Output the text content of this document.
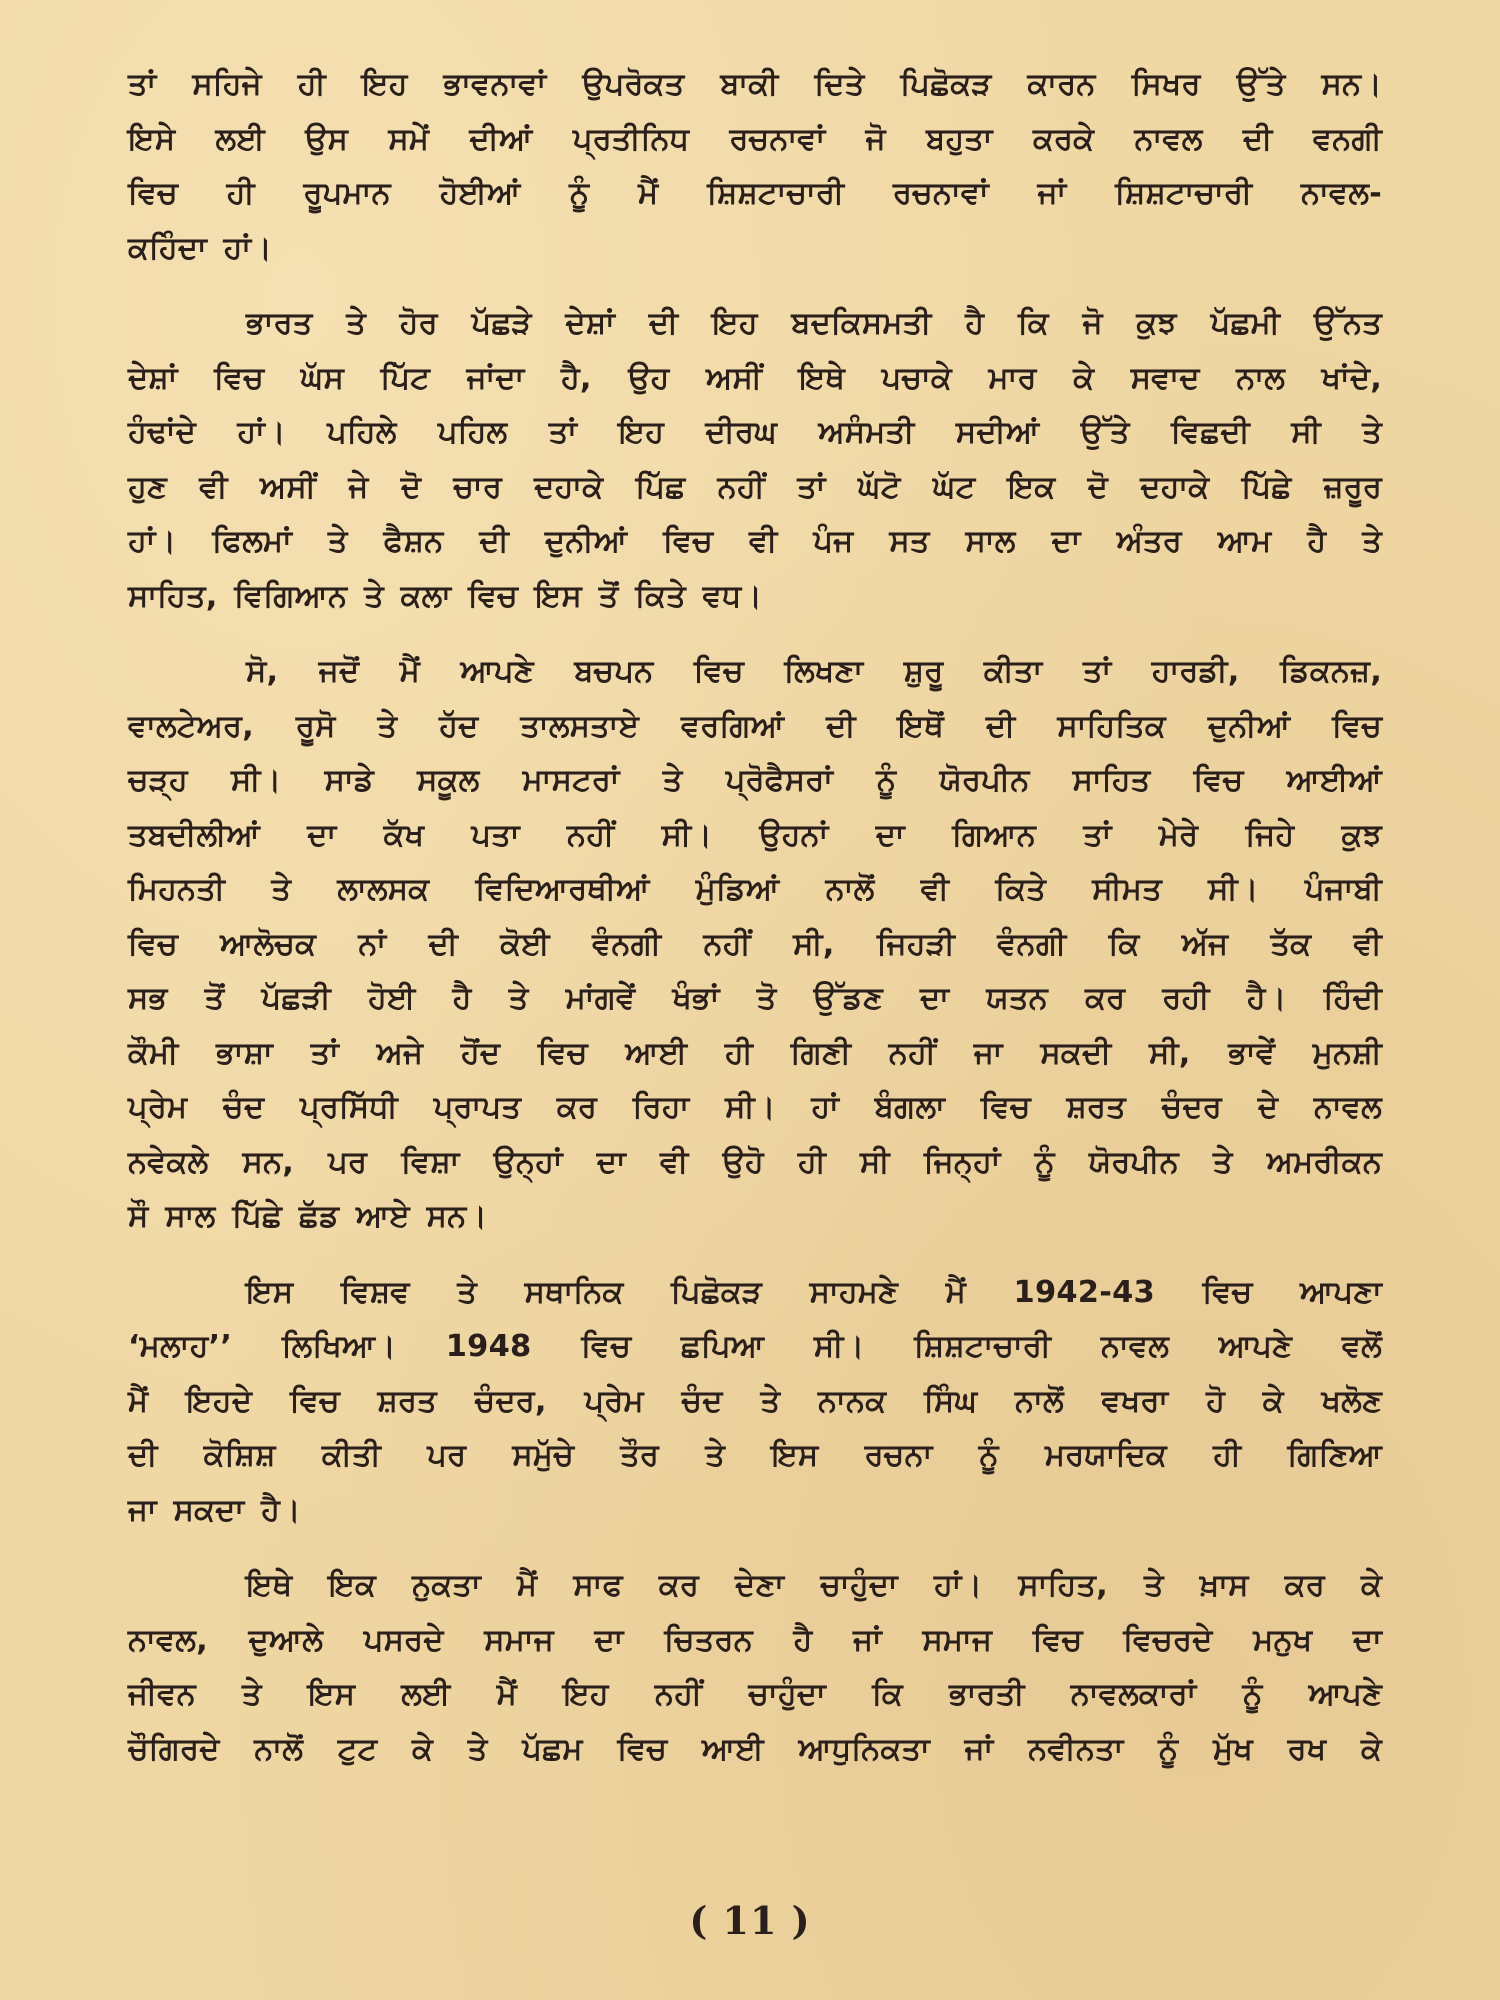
ਤਾਂ ਸਹਿਜੇ ਹੀ ਇਹ ਭਾਵਨਾਵਾਂ ਉਪਰੋਕਤ ਬਾਕੀ ਦਿਤੇ ਪਿਛੋਕੜ ਕਾਰਨ ਸਿਖਰ ਉੱਤੇ ਸਨ।
ਇਸੇ ਲਈ ਉਸ ਸਮੇਂ ਦੀਆਂ ਪ੍ਰਤੀਨਿਧ ਰਚਨਾਵਾਂ ਜੋ ਬਹੁਤਾ ਕਰਕੇ ਨਾਵਲ ਦੀ ਵਨਗੀ
ਵਿਚ ਹੀ ਰੂਪਮਾਨ ਹੋਈਆਂ ਨੂੰ ਮੈਂ ਸ਼ਿਸ਼ਟਾਚਾਰੀ ਰਚਨਾਵਾਂ ਜਾਂ ਸ਼ਿਸ਼ਟਾਚਾਰੀ ਨਾਵਲ-
ਕਹਿੰਦਾ ਹਾਂ।

ਭਾਰਤ ਤੇ ਹੋਰ ਪੱਛੜੇ ਦੇਸ਼ਾਂ ਦੀ ਇਹ ਬਦਕਿਸਮਤੀ ਹੈ ਕਿ ਜੋ ਕੁਝ ਪੱਛਮੀ ਉੱਨਤ
ਦੇਸ਼ਾਂ ਵਿਚ ਘੱਸ ਪਿੱਟ ਜਾਂਦਾ ਹੈ, ਉਹ ਅਸੀਂ ਇਥੇ ਪਚਾਕੇ ਮਾਰ ਕੇ ਸਵਾਦ ਨਾਲ ਖਾਂਦੇ,
ਹੰਢਾਂਦੇ ਹਾਂ। ਪਹਿਲੇ ਪਹਿਲ ਤਾਂ ਇਹ ਦੀਰਘ ਅਸੰਮਤੀ ਸਦੀਆਂ ਉੱਤੇ ਵਿਛਦੀ ਸੀ ਤੇ
ਹੁਣ ਵੀ ਅਸੀਂ ਜੇ ਦੋ ਚਾਰ ਦਹਾਕੇ ਪਿੱਛ ਨਹੀਂ ਤਾਂ ਘੱਟੋ ਘੱਟ ਇਕ ਦੋ ਦਹਾਕੇ ਪਿੱਛੇ ਜ਼ਰੂਰ
ਹਾਂ। ਫਿਲਮਾਂ ਤੇ ਫੈਸ਼ਨ ਦੀ ਦੁਨੀਆਂ ਵਿਚ ਵੀ ਪੰਜ ਸਤ ਸਾਲ ਦਾ ਅੰਤਰ ਆਮ ਹੈ ਤੇ
ਸਾਹਿਤ, ਵਿਗਿਆਨ ਤੇ ਕਲਾ ਵਿਚ ਇਸ ਤੋਂ ਕਿਤੇ ਵਧ।

ਸੋ, ਜਦੋਂ ਮੈਂ ਆਪਣੇ ਬਚਪਨ ਵਿਚ ਲਿਖਣਾ ਸ਼ੁਰੂ ਕੀਤਾ ਤਾਂ ਹਾਰਡੀ, ਡਿਕਨਜ਼,
ਵਾਲਟੇਅਰ, ਰੂਸੋ ਤੇ ਹੱਦ ਤਾਲਸਤਾਏ ਵਰਗਿਆਂ ਦੀ ਇਥੋਂ ਦੀ ਸਾਹਿਤਿਕ ਦੁਨੀਆਂ ਵਿਚ
ਚੜ੍ਹ ਸੀ। ਸਾਡੇ ਸਕੂਲ ਮਾਸਟਰਾਂ ਤੇ ਪ੍ਰੋਫੈਸਰਾਂ ਨੂੰ ਯੋਰਪੀਨ ਸਾਹਿਤ ਵਿਚ ਆਈਆਂ
ਤਬਦੀਲੀਆਂ ਦਾ ਕੱਖ ਪਤਾ ਨਹੀਂ ਸੀ। ਉਹਨਾਂ ਦਾ ਗਿਆਨ ਤਾਂ ਮੇਰੇ ਜਿਹੇ ਕੁਝ
ਮਿਹਨਤੀ ਤੇ ਲਾਲਸਕ ਵਿਦਿਆਰਥੀਆਂ ਮੁੰਡਿਆਂ ਨਾਲੋਂ ਵੀ ਕਿਤੇ ਸੀਮਤ ਸੀ। ਪੰਜਾਬੀ
ਵਿਚ ਆਲੋਚਕ ਨਾਂ ਦੀ ਕੋਈ ਵੰਨਗੀ ਨਹੀਂ ਸੀ, ਜਿਹੜੀ ਵੰਨਗੀ ਕਿ ਅੱਜ ਤੱਕ ਵੀ
ਸਭ ਤੋਂ ਪੱਛੜੀ ਹੋਈ ਹੈ ਤੇ ਮਾਂਗਵੇਂ ਖੰਭਾਂ ਤੋ ਉੱਡਣ ਦਾ ਯਤਨ ਕਰ ਰਹੀ ਹੈ। ਹਿੰਦੀ
ਕੌਮੀ ਭਾਸ਼ਾ ਤਾਂ ਅਜੇ ਹੋਂਦ ਵਿਚ ਆਈ ਹੀ ਗਿਣੀ ਨਹੀਂ ਜਾ ਸਕਦੀ ਸੀ, ਭਾਵੇਂ ਮੁਨਸ਼ੀ
ਪ੍ਰੇਮ ਚੰਦ ਪ੍ਰਸਿੱਧੀ ਪ੍ਰਾਪਤ ਕਰ ਰਿਹਾ ਸੀ। ਹਾਂ ਬੰਗਲਾ ਵਿਚ ਸ਼ਰਤ ਚੰਦਰ ਦੇ ਨਾਵਲ
ਨਵੇਕਲੇ ਸਨ, ਪਰ ਵਿਸ਼ਾ ਉਨ੍ਹਾਂ ਦਾ ਵੀ ਉਹੋ ਹੀ ਸੀ ਜਿਨ੍ਹਾਂ ਨੂੰ ਯੋਰਪੀਨ ਤੇ ਅਮਰੀਕਨ
ਸੌ ਸਾਲ ਪਿੱਛੇ ਛੱਡ ਆਏ ਸਨ।

ਇਸ ਵਿਸ਼ਵ ਤੇ ਸਥਾਨਿਕ ਪਿਛੋਕੜ ਸਾਹਮਣੇ ਮੈਂ 1942-43 ਵਿਚ ਆਪਣਾ
‘ਮਲਾਹ’’ ਲਿਖਿਆ। 1948 ਵਿਚ ਛਪਿਆ ਸੀ। ਸ਼ਿਸ਼ਟਾਚਾਰੀ ਨਾਵਲ ਆਪਣੇ ਵਲੋਂ
ਮੈਂ ਇਹਦੇ ਵਿਚ ਸ਼ਰਤ ਚੰਦਰ, ਪ੍ਰੇਮ ਚੰਦ ਤੇ ਨਾਨਕ ਸਿੰਘ ਨਾਲੋਂ ਵਖਰਾ ਹੋ ਕੇ ਖਲੋਣ
ਦੀ ਕੋਸ਼ਿਸ਼ ਕੀਤੀ ਪਰ ਸਮੁੱਚੇ ਤੌਰ ਤੇ ਇਸ ਰਚਨਾ ਨੂੰ ਮਰਯਾਦਿਕ ਹੀ ਗਿਣਿਆ
ਜਾ ਸਕਦਾ ਹੈ।

ਇਥੇ ਇਕ ਨੁਕਤਾ ਮੈਂ ਸਾਫ ਕਰ ਦੇਣਾ ਚਾਹੁੰਦਾ ਹਾਂ। ਸਾਹਿਤ, ਤੇ ਖ਼ਾਸ ਕਰ ਕੇ
ਨਾਵਲ, ਦੁਆਲੇ ਪਸਰਦੇ ਸਮਾਜ ਦਾ ਚਿਤਰਨ ਹੈ ਜਾਂ ਸਮਾਜ ਵਿਚ ਵਿਚਰਦੇ ਮਨੁਖ ਦਾ
ਜੀਵਨ ਤੇ ਇਸ ਲਈ ਮੈਂ ਇਹ ਨਹੀਂ ਚਾਹੁੰਦਾ ਕਿ ਭਾਰਤੀ ਨਾਵਲਕਾਰਾਂ ਨੂੰ ਆਪਣੇ
ਚੌਗਿਰਦੇ ਨਾਲੋਂ ਟੁਟ ਕੇ ਤੇ ਪੱਛਮ ਵਿਚ ਆਈ ਆਧੁਨਿਕਤਾ ਜਾਂ ਨਵੀਨਤਾ ਨੂੰ ਮੁੱਖ ਰਖ ਕੇ

( 11 )
